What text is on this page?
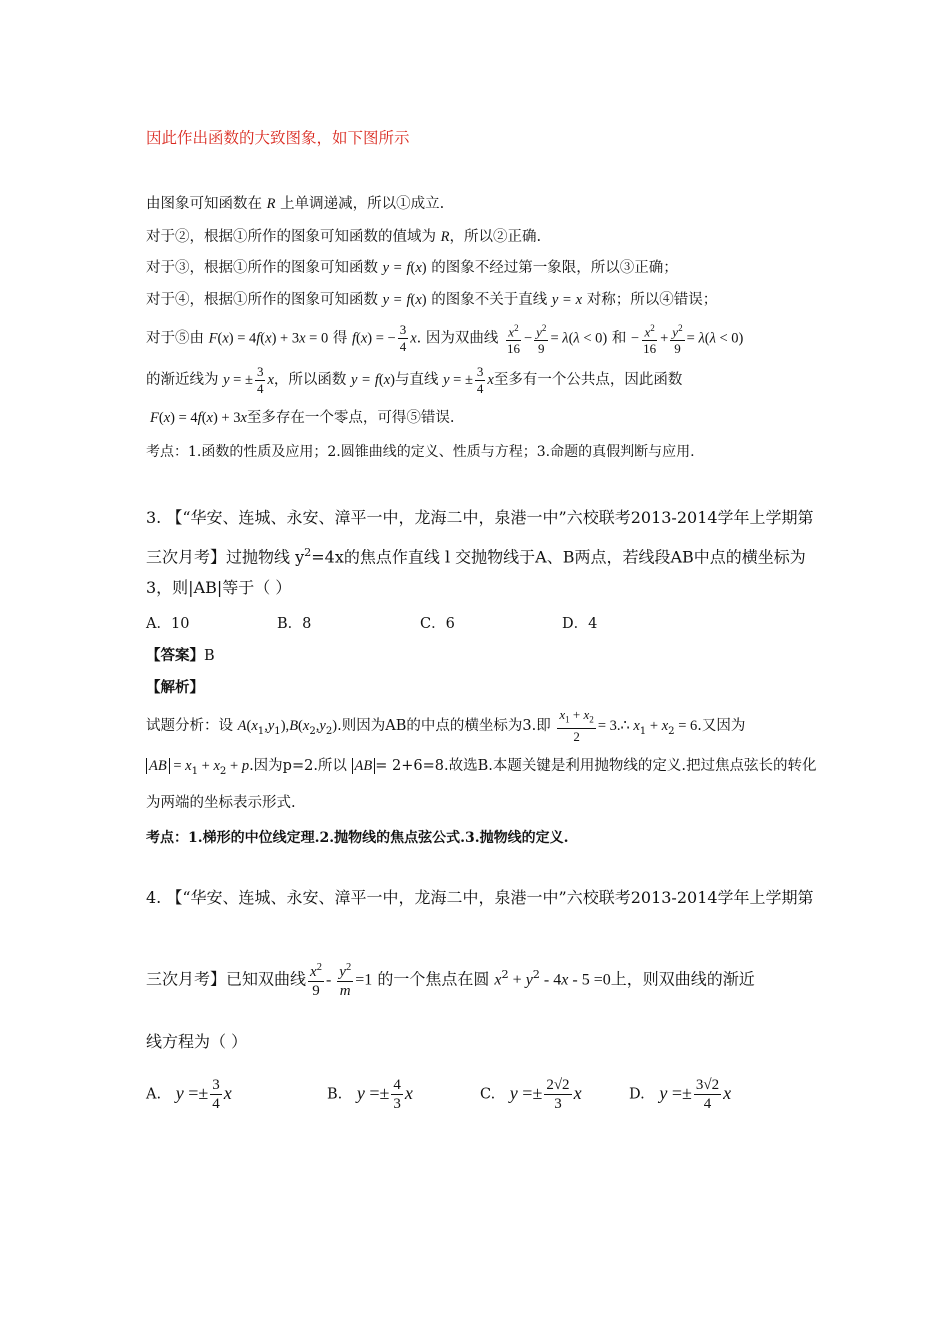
因此作出函数的大致图象，如下图所示
由图象可知函数在 R 上单调递减，所以①成立.
对于②，根据①所作的图象可知函数的值域为 R，所以②正确.
对于③，根据①所作的图象可知函数 y = f(x) 的图象不经过第一象限，所以③正确；
对于④，根据①所作的图象可知函数 y = f(x) 的图象不关于直线 y = x 对称；所以④错误；
对于⑤由 F(x) = 4f(x) + 3x = 0 得 f(x) = − $\frac{3}{4} x$. 因为双曲线 $\frac{x^2}{16} - \frac{y^2}{9} = \lambda(\lambda < 0)$ 和 − $\frac{x^2}{16} + \frac{y^2}{9} = \lambda(\lambda < 0)$
的渐近线为 y = ± $\frac{3}{4}$ x，所以函数 y = f(x)与直线 y = ± $\frac{3}{4}$ x至多有一个公共点，因此函数
F(x) = 4f(x) + 3x至多存在一个零点，可得⑤错误.
考点：1.函数的性质及应用；2.圆锥曲线的定义、性质与方程；3.命题的真假判断与应用.
3. 【“华安、连城、永安、漳平一中，龙海二中，泉港一中”六校联考2013-2014学年上学期第
三次月考】过抛物线 $y^2=4x$的焦点作直线 l 交抛物线于A、B两点，若线段AB中点的横坐标为
3，则|AB|等于（ ）
A．10	B．8	C．6	D．4
【答案】B
【解析】
试题分析：设 $A(x_1,y_1),B(x_2,y_2)$.则因为AB的中点的横坐标为3.即 $\frac{x_1 + x_2}{2}$ = 3.∴ $x_1 + x_2 = 6$.又因为
AB = $x_1 + x_2 + p$.因为p=2.所以 AB = 2+6=8.故选B.本题关键是利用抛物线的定义.把过焦点弦长的转化
为两端的坐标表示形式.
考点：1.梯形的中位线定理.2.抛物线的焦点弦公式.3.抛物线的定义.
4. 【“华安、连城、永安、漳平一中，龙海二中，泉港一中”六校联考2013-2014学年上学期第
三次月考】已知双曲线 $\frac{x^2}{9} - \frac{y^2}{m} =1$ 的一个焦点在圆 $x^2 + y^2 - 4x - 5 =0$上，则双曲线的渐近
线方程为（ ）
A. $y =\pm \frac{3}{4}$ x	B. $y =\pm \frac{4}{3}$ x	C. $y =\pm \frac{2√2}{3}$ x	D. $y =\pm \frac{3√2}{4}$ x
